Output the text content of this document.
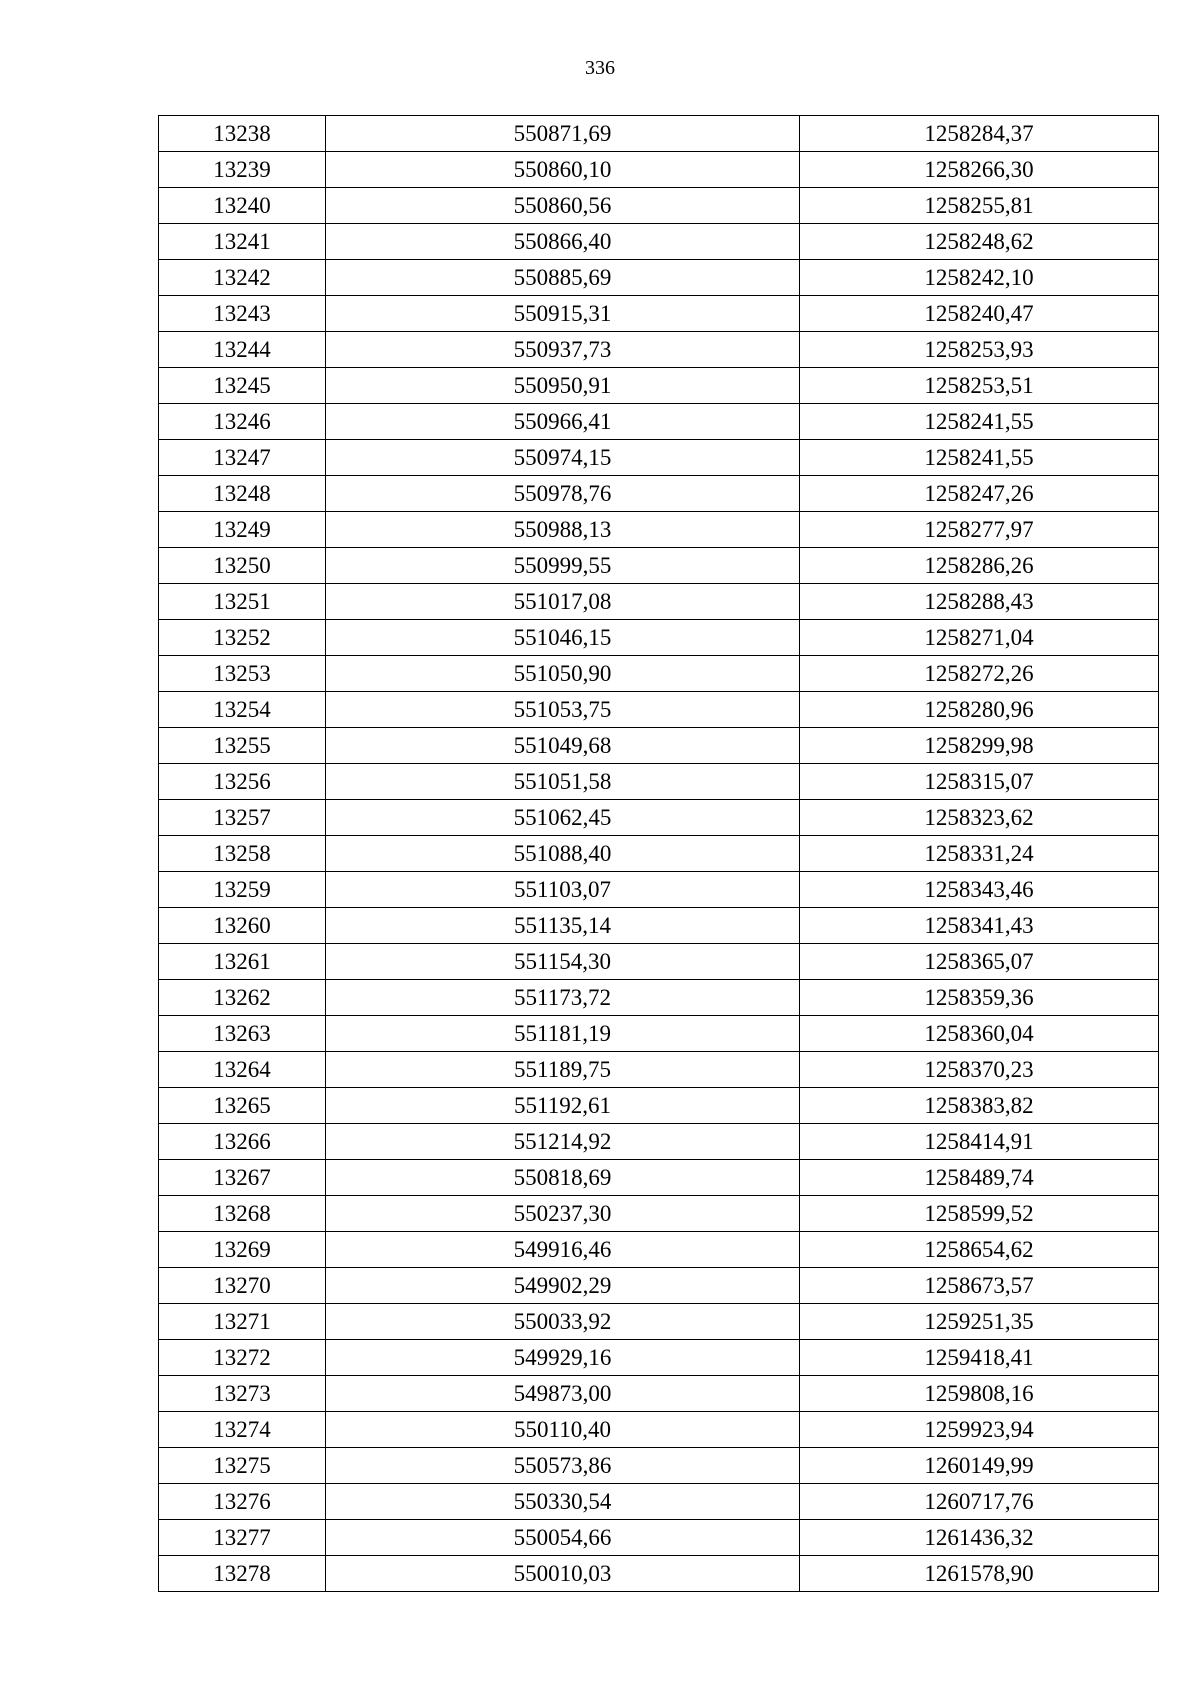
336
13238	550871,69	1258284,37
13239	550860,10	1258266,30
13240	550860,56	1258255,81
13241	550866,40	1258248,62
13242	550885,69	1258242,10
13243	550915,31	1258240,47
13244	550937,73	1258253,93
13245	550950,91	1258253,51
13246	550966,41	1258241,55
13247	550974,15	1258241,55
13248	550978,76	1258247,26
13249	550988,13	1258277,97
13250	550999,55	1258286,26
13251	551017,08	1258288,43
13252	551046,15	1258271,04
13253	551050,90	1258272,26
13254	551053,75	1258280,96
13255	551049,68	1258299,98
13256	551051,58	1258315,07
13257	551062,45	1258323,62
13258	551088,40	1258331,24
13259	551103,07	1258343,46
13260	551135,14	1258341,43
13261	551154,30	1258365,07
13262	551173,72	1258359,36
13263	551181,19	1258360,04
13264	551189,75	1258370,23
13265	551192,61	1258383,82
13266	551214,92	1258414,91
13267	550818,69	1258489,74
13268	550237,30	1258599,52
13269	549916,46	1258654,62
13270	549902,29	1258673,57
13271	550033,92	1259251,35
13272	549929,16	1259418,41
13273	549873,00	1259808,16
13274	550110,40	1259923,94
13275	550573,86	1260149,99
13276	550330,54	1260717,76
13277	550054,66	1261436,32
13278	550010,03	1261578,90
